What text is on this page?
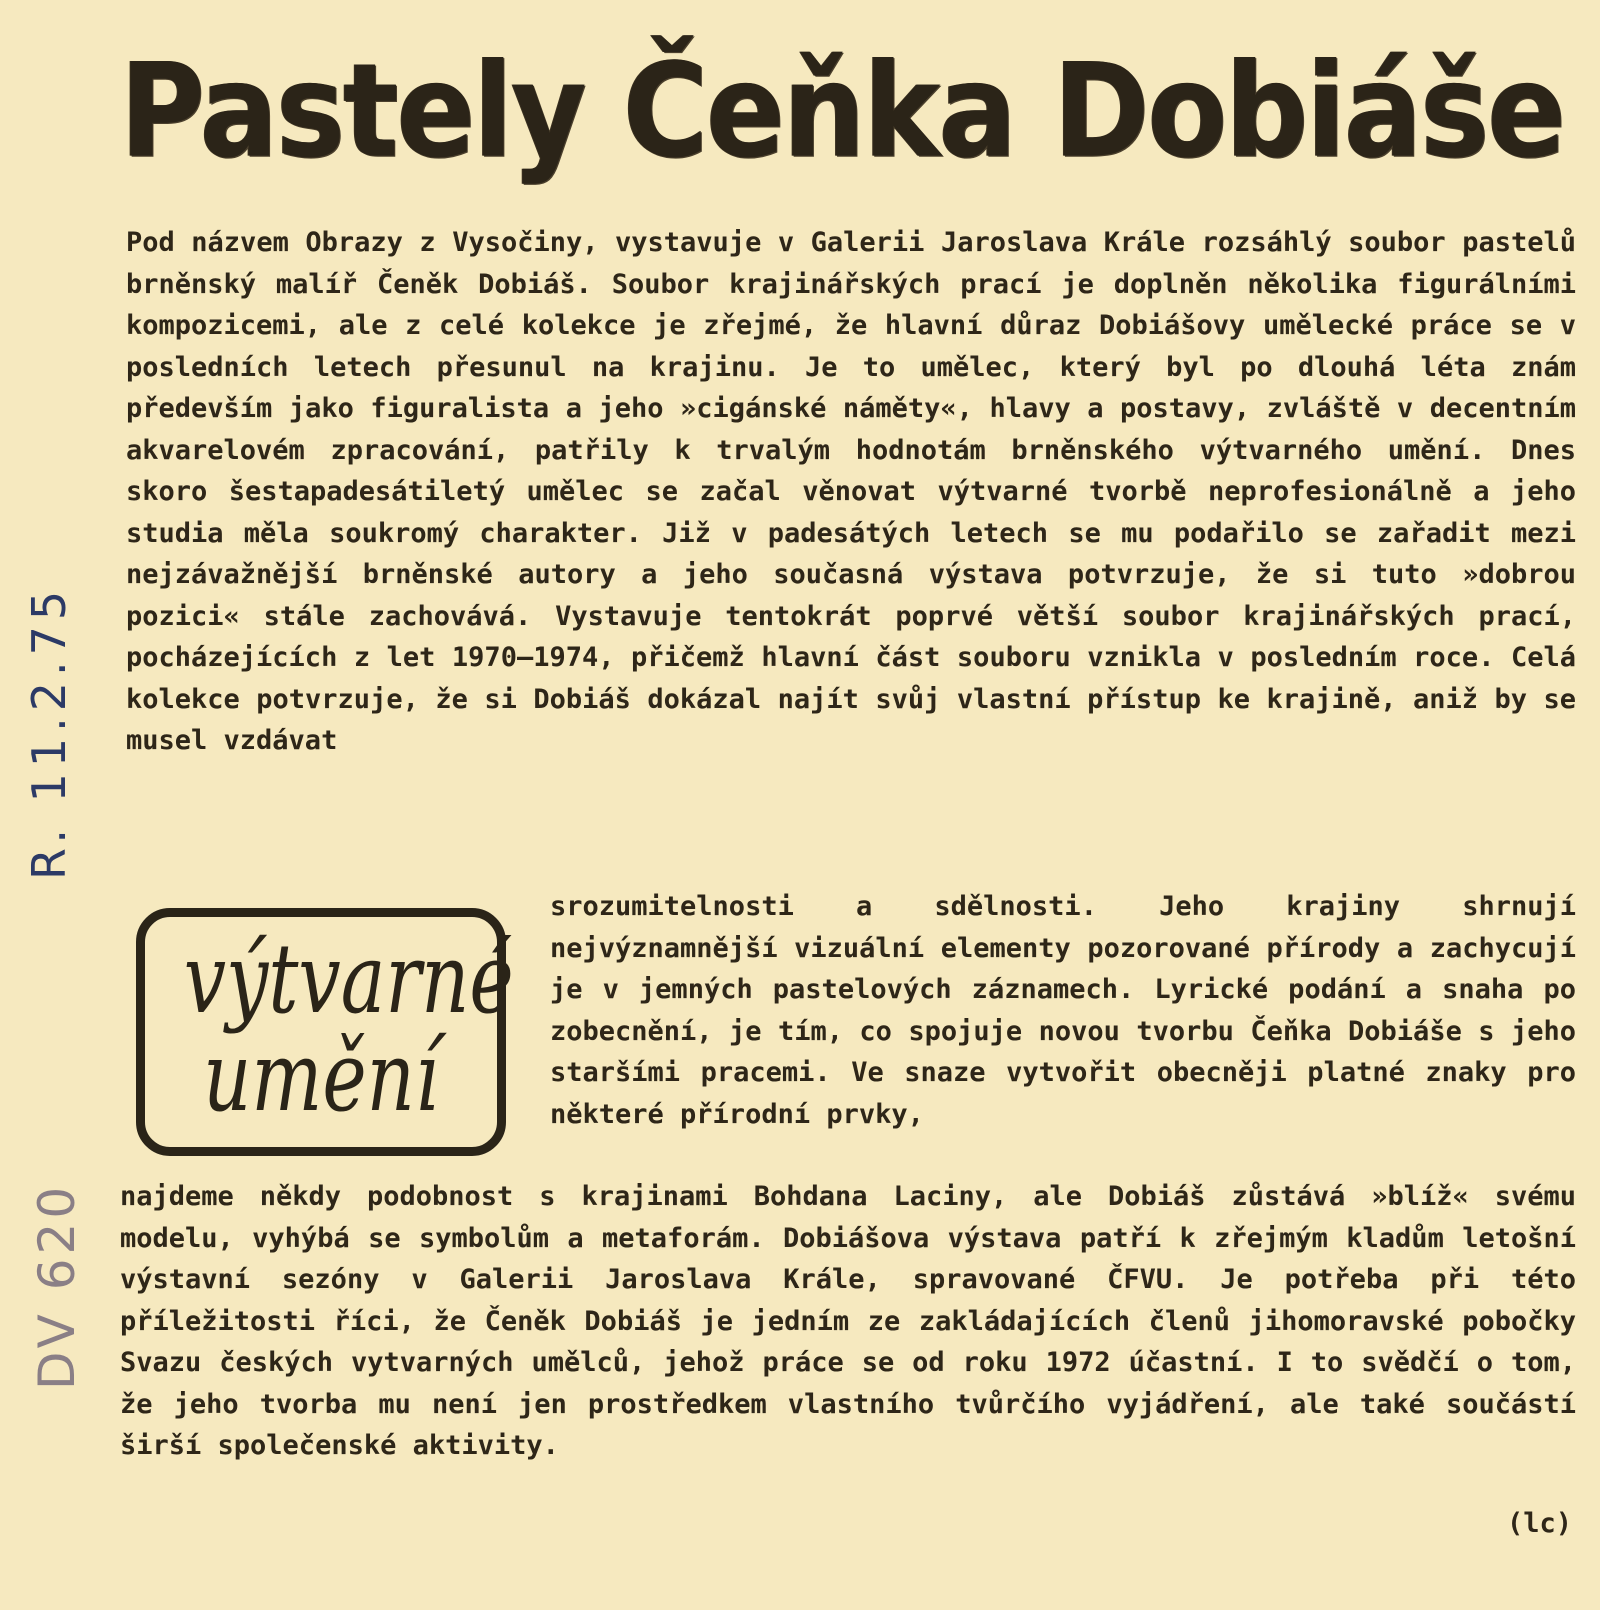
Pastely Čeňka Dobiáše

Pod názvem Obrazy z Vysočiny, vystavuje v Galerii Jaroslava Krále rozsáhlý soubor pastelů brněnský malíř Čeněk Dobiáš. Soubor krajinářských prací je doplněn několika figurálními kompozicemi, ale z celé kolekce je zřejmé, že hlavní důraz Dobiášovy umělecké práce se v posledních letech přesunul na krajinu. Je to umělec, který byl po dlouhá léta znám především jako figuralista a jeho »cigánské náměty«, hlavy a postavy, zvláště v decentním akvarelovém zpracování, patřily k trvalým hodnotám brněnského výtvarného umění. Dnes skoro šestapadesátiletý umělec se začal věnovat výtvarné tvorbě neprofesionálně a jeho studia měla soukromý charakter. Již v padesátých letech se mu podařilo se zařadit mezi nejzávažnější brněnské autory a jeho současná výstava potvrzuje, že si tuto »dobrou pozici« stále zachovává. Vystavuje tentokrát poprvé větší soubor krajinářských prací, pocházejících z let 1970—1974, přičemž hlavní část souboru vznikla v posledním roce. Celá kolekce potvrzuje, že si Dobiáš dokázal najít svůj vlastní přístup ke krajině, aniž by se musel vzdávat

výtvarné
umění

srozumitelnosti a sdělnosti. Jeho krajiny shrnují nejvýznamnější vizuální elementy pozorované přírody a zachycují je v jemných pastelových záznamech. Lyrické podání a snaha po zobecnění, je tím, co spojuje novou tvorbu Čeňka Dobiáše s jeho staršími pracemi. Ve snaze vytvořit obecněji platné znaky pro některé přírodní prvky,

najdeme někdy podobnost s krajinami Bohdana Laciny, ale Dobiáš zůstává »blíž« svému modelu, vyhýbá se symbolům a metaforám. Dobiášova výstava patří k zřejmým kladům letošní výstavní sezóny v Galerii Jaroslava Krále, spravované ČFVU. Je potřeba při této příležitosti říci, že Čeněk Dobiáš je jedním ze zakládajících členů jihomoravské pobočky Svazu českých vytvarných umělců, jehož práce se od roku 1972 účastní. I to svědčí o tom, že jeho tvorba mu není jen prostředkem vlastního tvůrčího vyjádření, ale také součástí širší společenské aktivity.

(lc)
R. 11.2.75
DV 620
